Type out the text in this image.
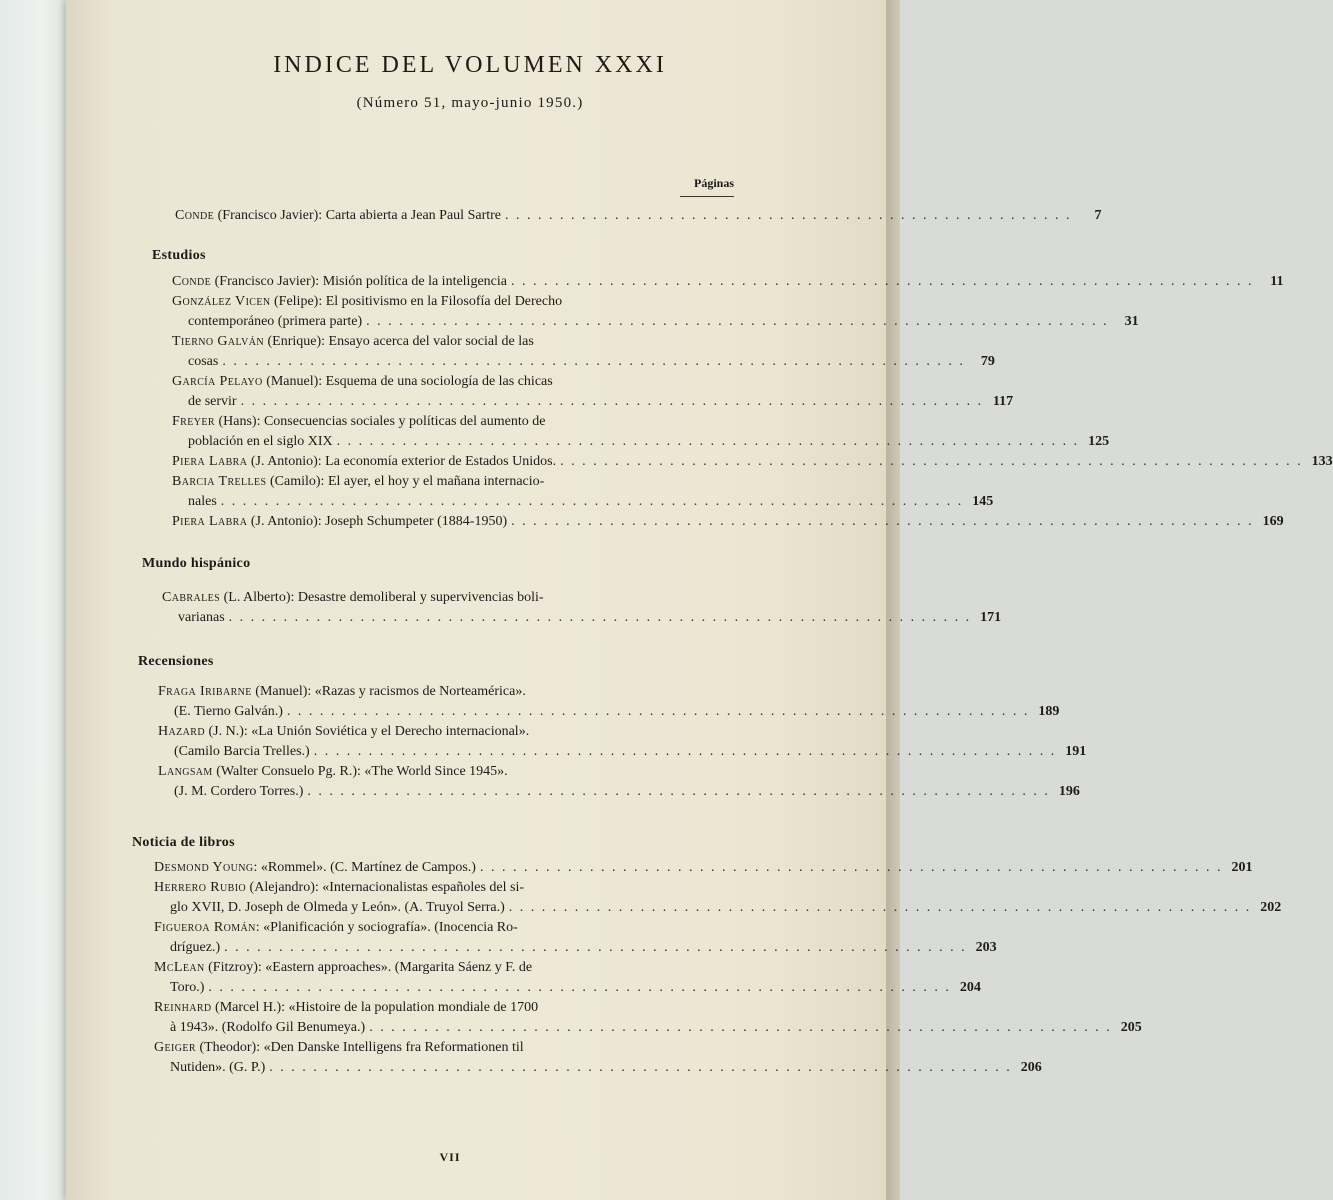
INDICE DEL VOLUMEN XXXI
(Número 51, mayo-junio 1950.)
Páginas
Conde (Francisco Javier): Carta abierta a Jean Paul Sartre . . . . . . . . . . . . . . . . . . . . . . . . . . . . . . . . . . . . . . . . . . . . . . . . . . . .	7
Estudios
Conde (Francisco Javier): Misión política de la inteligencia . . . . . . . . . . . . . . . . . . . . . . . . . . . . . . . . . . . . . . . . . . . . . . . . . . . . . . . . . . . . . . . . . . . .	11
González Vicen (Felipe): El positivismo en la Filosofía del Derecho
contemporáneo (primera parte) . . . . . . . . . . . . . . . . . . . . . . . . . . . . . . . . . . . . . . . . . . . . . . . . . . . . . . . . . . . . . . . . . . . .	31
Tierno Galván (Enrique): Ensayo acerca del valor social de las
cosas . . . . . . . . . . . . . . . . . . . . . . . . . . . . . . . . . . . . . . . . . . . . . . . . . . . . . . . . . . . . . . . . . . . .	79
García Pelayo (Manuel): Esquema de una sociología de las chicas
de servir . . . . . . . . . . . . . . . . . . . . . . . . . . . . . . . . . . . . . . . . . . . . . . . . . . . . . . . . . . . . . . . . . . . . 117
Freyer (Hans): Consecuencias sociales y políticas del aumento de
población en el siglo XIX . . . . . . . . . . . . . . . . . . . . . . . . . . . . . . . . . . . . . . . . . . . . . . . . . . . . . . . . . . . . . . . . . . . . 125
Piera Labra (J. Antonio): La economía exterior de Estados Unidos. . . . . . . . . . . . . . . . . . . . . . . . . . . . . . . . . . . . . . . . . . . . . . . . . . . . . . . . . . . . . . . . . . . . . 133
Barcia Trelles (Camilo): El ayer, el hoy y el mañana internacio-
nales . . . . . . . . . . . . . . . . . . . . . . . . . . . . . . . . . . . . . . . . . . . . . . . . . . . . . . . . . . . . . . . . . . . . 145
Piera Labra (J. Antonio): Joseph Schumpeter (1884-1950) . . . . . . . . . . . . . . . . . . . . . . . . . . . . . . . . . . . . . . . . . . . . . . . . . . . . . . . . . . . . . . . . . . . . 169
Mundo hispánico
Cabrales (L. Alberto): Desastre demoliberal y supervivencias boli-
varianas . . . . . . . . . . . . . . . . . . . . . . . . . . . . . . . . . . . . . . . . . . . . . . . . . . . . . . . . . . . . . . . . . . . . 171
Recensiones
Fraga Iribarne (Manuel): «Razas y racismos de Norteamérica».
(E. Tierno Galván.) . . . . . . . . . . . . . . . . . . . . . . . . . . . . . . . . . . . . . . . . . . . . . . . . . . . . . . . . . . . . . . . . . . . . 189
Hazard (J. N.): «La Unión Soviética y el Derecho internacional».
(Camilo Barcia Trelles.) . . . . . . . . . . . . . . . . . . . . . . . . . . . . . . . . . . . . . . . . . . . . . . . . . . . . . . . . . . . . . . . . . . . . 191
Langsam (Walter Consuelo Pg. R.): «The World Since 1945».
(J. M. Cordero Torres.) . . . . . . . . . . . . . . . . . . . . . . . . . . . . . . . . . . . . . . . . . . . . . . . . . . . . . . . . . . . . . . . . . . . . 196
Noticia de libros
Desmond Young: «Rommel». (C. Martínez de Campos.) . . . . . . . . . . . . . . . . . . . . . . . . . . . . . . . . . . . . . . . . . . . . . . . . . . . . . . . . . . . . . . . . . . . . 201
Herrero Rubio (Alejandro): «Internacionalistas españoles del si-
glo XVII, D. Joseph de Olmeda y León». (A. Truyol Serra.) . . . . . . . . . . . . . . . . . . . . . . . . . . . . . . . . . . . . . . . . . . . . . . . . . . . . . . . . . . . . . . . . . . . . 202
Figueroa Román: «Planificación y sociografía». (Inocencia Ro-
dríguez.) . . . . . . . . . . . . . . . . . . . . . . . . . . . . . . . . . . . . . . . . . . . . . . . . . . . . . . . . . . . . . . . . . . . . 203
McLean (Fitzroy): «Eastern approaches». (Margarita Sáenz y F. de
Toro.) . . . . . . . . . . . . . . . . . . . . . . . . . . . . . . . . . . . . . . . . . . . . . . . . . . . . . . . . . . . . . . . . . . . . 204
Reinhard (Marcel H.): «Histoire de la population mondiale de 1700
à 1943». (Rodolfo Gil Benumeya.) . . . . . . . . . . . . . . . . . . . . . . . . . . . . . . . . . . . . . . . . . . . . . . . . . . . . . . . . . . . . . . . . . . . . 205
Geiger (Theodor): «Den Danske Intelligens fra Reformationen til
Nutiden». (G. P.) . . . . . . . . . . . . . . . . . . . . . . . . . . . . . . . . . . . . . . . . . . . . . . . . . . . . . . . . . . . . . . . . . . . . 206
VII
